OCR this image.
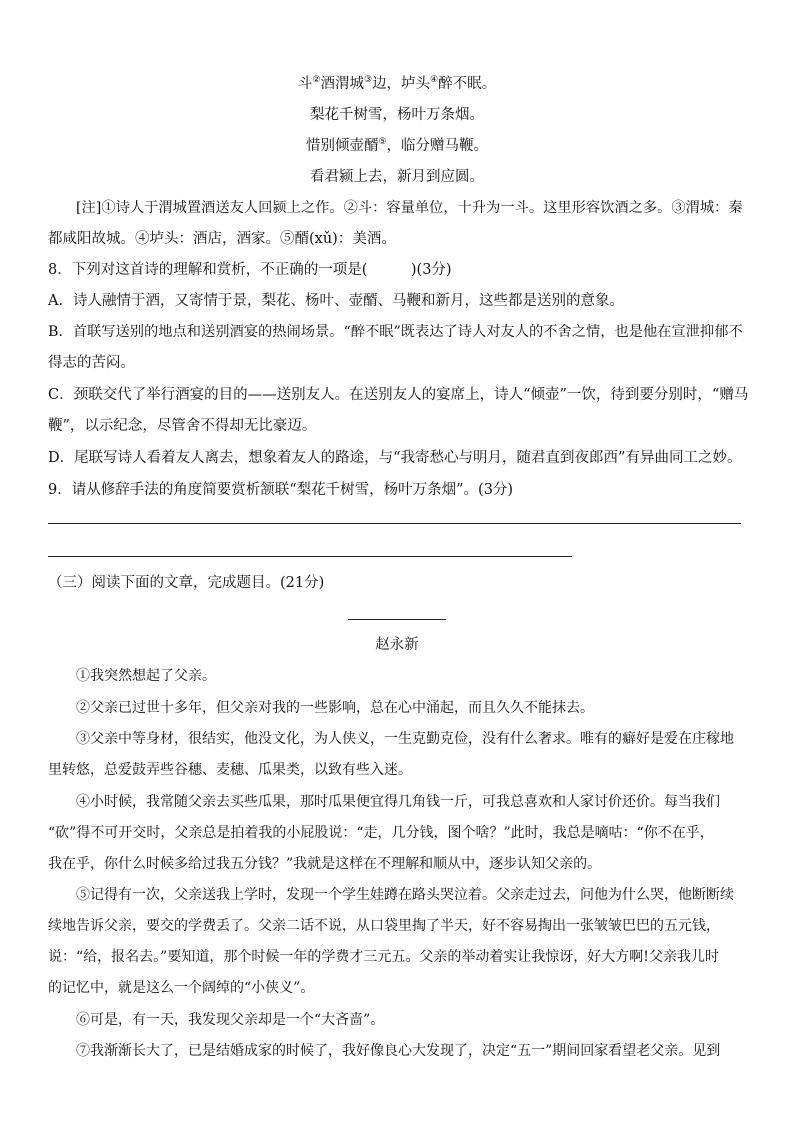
斗②酒渭城③边，垆头④醉不眠。
梨花千树雪，杨叶万条烟。
惜别倾壶醑⑤，临分赠马鞭。
看君颍上去，新月到应圆。
[注]①诗人于渭城置酒送友人回颍上之作。②斗：容量单位，十升为一斗。这里形容饮酒之多。③渭城：秦
都咸阳故城。④垆头：酒店，酒家。⑤醑(xǔ)：美酒。
8．下列对这首诗的理解和赏析，不正确的一项是(　　　)(3分)
A．诗人融情于酒，又寄情于景，梨花、杨叶、壶醑、马鞭和新月，这些都是送别的意象。
B．首联写送别的地点和送别酒宴的热闹场景。“醉不眠”既表达了诗人对友人的不舍之情，也是他在宣泄抑郁不
得志的苦闷。
C．颈联交代了举行酒宴的目的——送别友人。在送别友人的宴席上，诗人“倾壶”一饮，待到要分别时，“赠马
鞭”，以示纪念，尽管舍不得却无比豪迈。
D．尾联写诗人看着友人离去，想象着友人的路途，与“我寄愁心与明月，随君直到夜郎西”有异曲同工之妙。
9．请从修辞手法的角度简要赏析颔联“梨花千树雪，杨叶万条烟”。(3分)
（三）阅读下面的文章，完成题目。(21分)
赵永新
①我突然想起了父亲。
②父亲已过世十多年，但父亲对我的一些影响，总在心中涌起，而且久久不能抹去。
③父亲中等身材，很结实，他没文化，为人侠义，一生克勤克俭，没有什么奢求。唯有的癖好是爱在庄稼地
里转悠，总爱鼓弄些谷穗、麦穗、瓜果类，以致有些入迷。
④小时候，我常随父亲去买些瓜果，那时瓜果便宜得几角钱一斤，可我总喜欢和人家讨价还价。每当我们
“砍”得不可开交时，父亲总是拍着我的小屁股说：“走，几分钱，图个啥？”此时，我总是嘀咕：“你不在乎，
我在乎，你什么时候多给过我五分钱？”我就是这样在不理解和顺从中，逐步认知父亲的。
⑤记得有一次，父亲送我上学时，发现一个学生娃蹲在路头哭泣着。父亲走过去，问他为什么哭，他断断续
续地告诉父亲，要交的学费丢了。父亲二话不说，从口袋里掏了半天，好不容易掏出一张皱皱巴巴的五元钱，
说：“给，报名去。”要知道，那个时候一年的学费才三元五。父亲的举动着实让我惊讶，好大方啊!父亲我儿时
的记忆中，就是这么一个阔绰的“小侠义”。
⑥可是，有一天，我发现父亲却是一个“大吝啬”。
⑦我渐渐长大了，已是结婚成家的时候了，我好像良心大发现了，决定“五一”期间回家看望老父亲。见到
